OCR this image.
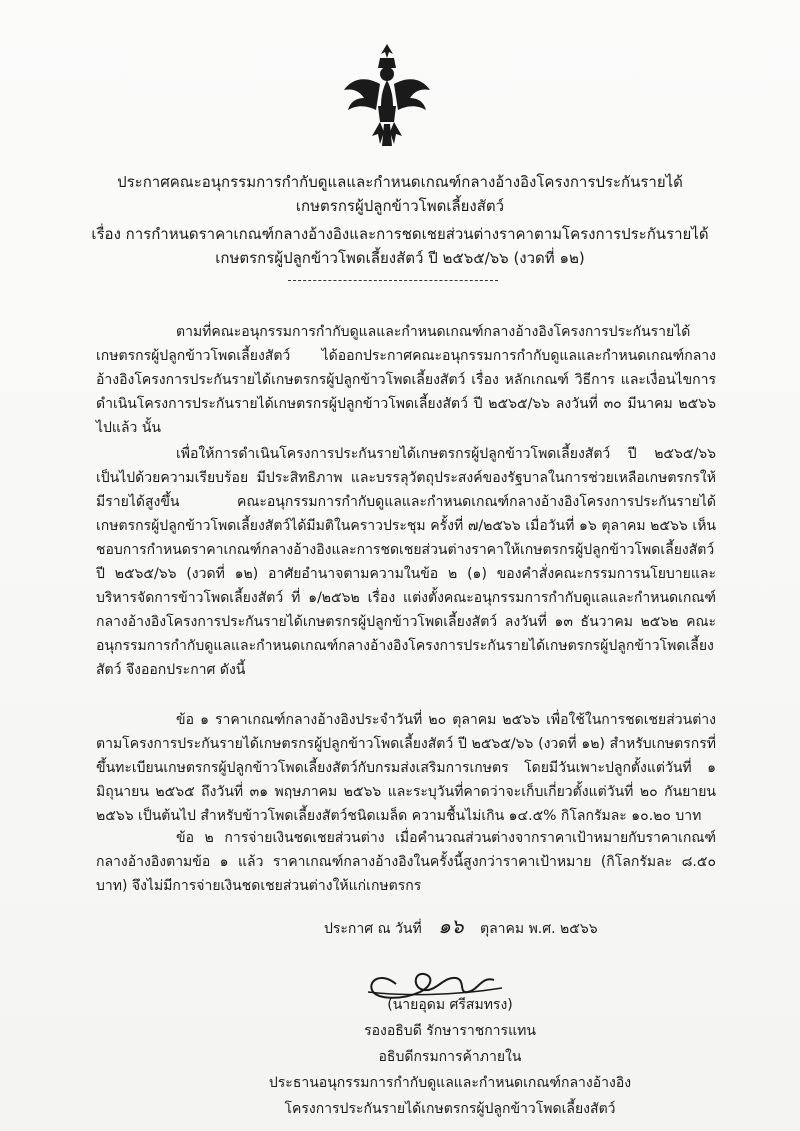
ประกาศคณะอนุกรรมการกำกับดูแลและกำหนดเกณฑ์กลางอ้างอิงโครงการประกันรายได้

เกษตรกรผู้ปลูกข้าวโพดเลี้ยงสัตว์

เรื่อง การกำหนดราคาเกณฑ์กลางอ้างอิงและการชดเชยส่วนต่างราคาตามโครงการประกันรายได้

เกษตรกรผู้ปลูกข้าวโพดเลี้ยงสัตว์ ปี ๒๕๖๕/๖๖ (งวดที่ ๑๒)

ตามที่คณะอนุกรรมการกำกับดูแลและกำหนดเกณฑ์กลางอ้างอิงโครงการประกันรายได้เกษตรกรผู้ปลูกข้าวโพดเลี้ยงสัตว์ ได้ออกประกาศคณะอนุกรรมการกำกับดูแลและกำหนดเกณฑ์กลางอ้างอิงโครงการประกันรายได้เกษตรกรผู้ปลูกข้าวโพดเลี้ยงสัตว์ เรื่อง หลักเกณฑ์ วิธีการ และเงื่อนไขการดำเนินโครงการประกันรายได้เกษตรกรผู้ปลูกข้าวโพดเลี้ยงสัตว์ ปี ๒๕๖๕/๖๖ ลงวันที่ ๓๐ มีนาคม ๒๕๖๖ ไปแล้ว นั้น

เพื่อให้การดำเนินโครงการประกันรายได้เกษตรกรผู้ปลูกข้าวโพดเลี้ยงสัตว์ ปี ๒๕๖๕/๖๖ เป็นไปด้วยความเรียบร้อย มีประสิทธิภาพ และบรรลุวัตถุประสงค์ของรัฐบาลในการช่วยเหลือเกษตรกรให้มีรายได้สูงขึ้น คณะอนุกรรมการกำกับดูแลและกำหนดเกณฑ์กลางอ้างอิงโครงการประกันรายได้เกษตรกรผู้ปลูกข้าวโพดเลี้ยงสัตว์ได้มีมติในคราวประชุม ครั้งที่ ๗/๒๕๖๖ เมื่อวันที่ ๑๖ ตุลาคม ๒๕๖๖ เห็นชอบการกำหนดราคาเกณฑ์กลางอ้างอิงและการชดเชยส่วนต่างราคาให้เกษตรกรผู้ปลูกข้าวโพดเลี้ยงสัตว์ ปี ๒๕๖๕/๖๖ (งวดที่ ๑๒) อาศัยอำนาจตามความในข้อ ๒ (๑) ของคำสั่งคณะกรรมการนโยบายและบริหารจัดการข้าวโพดเลี้ยงสัตว์ ที่ ๑/๒๕๖๒ เรื่อง แต่งตั้งคณะอนุกรรมการกำกับดูแลและกำหนดเกณฑ์กลางอ้างอิงโครงการประกันรายได้เกษตรกรผู้ปลูกข้าวโพดเลี้ยงสัตว์ ลงวันที่ ๑๓ ธันวาคม ๒๕๖๒ คณะอนุกรรมการกำกับดูแลและกำหนดเกณฑ์กลางอ้างอิงโครงการประกันรายได้เกษตรกรผู้ปลูกข้าวโพดเลี้ยงสัตว์ จึงออกประกาศ ดังนี้

ข้อ ๑ ราคาเกณฑ์กลางอ้างอิงประจำวันที่ ๒๐ ตุลาคม ๒๕๖๖ เพื่อใช้ในการชดเชยส่วนต่างตามโครงการประกันรายได้เกษตรกรผู้ปลูกข้าวโพดเลี้ยงสัตว์ ปี ๒๕๖๕/๖๖ (งวดที่ ๑๒) สำหรับเกษตรกรที่ขึ้นทะเบียนเกษตรกรผู้ปลูกข้าวโพดเลี้ยงสัตว์กับกรมส่งเสริมการเกษตร โดยมีวันเพาะปลูกตั้งแต่วันที่ ๑ มิถุนายน ๒๕๖๕ ถึงวันที่ ๓๑ พฤษภาคม ๒๕๖๖ และระบุวันที่คาดว่าจะเก็บเกี่ยวตั้งแต่วันที่ ๒๐ กันยายน ๒๕๖๖ เป็นต้นไป สำหรับข้าวโพดเลี้ยงสัตว์ชนิดเมล็ด ความชื้นไม่เกิน ๑๔.๕% กิโลกรัมละ ๑๐.๒๐ บาท

ข้อ ๒ การจ่ายเงินชดเชยส่วนต่าง เมื่อคำนวณส่วนต่างจากราคาเป้าหมายกับราคาเกณฑ์กลางอ้างอิงตามข้อ ๑ แล้ว ราคาเกณฑ์กลางอ้างอิงในครั้งนี้สูงกว่าราคาเป้าหมาย (กิโลกรัมละ ๘.๕๐ บาท) จึงไม่มีการจ่ายเงินชดเชยส่วนต่างให้แก่เกษตรกร

ประกาศ ณ วันที่ ๑๖ ตุลาคม พ.ศ. ๒๕๖๖

(นายอุดม ศรีสมทรง)

รองอธิบดี รักษาราชการแทน

อธิบดีกรมการค้าภายใน

ประธานอนุกรรมการกำกับดูแลและกำหนดเกณฑ์กลางอ้างอิง

โครงการประกันรายได้เกษตรกรผู้ปลูกข้าวโพดเลี้ยงสัตว์
